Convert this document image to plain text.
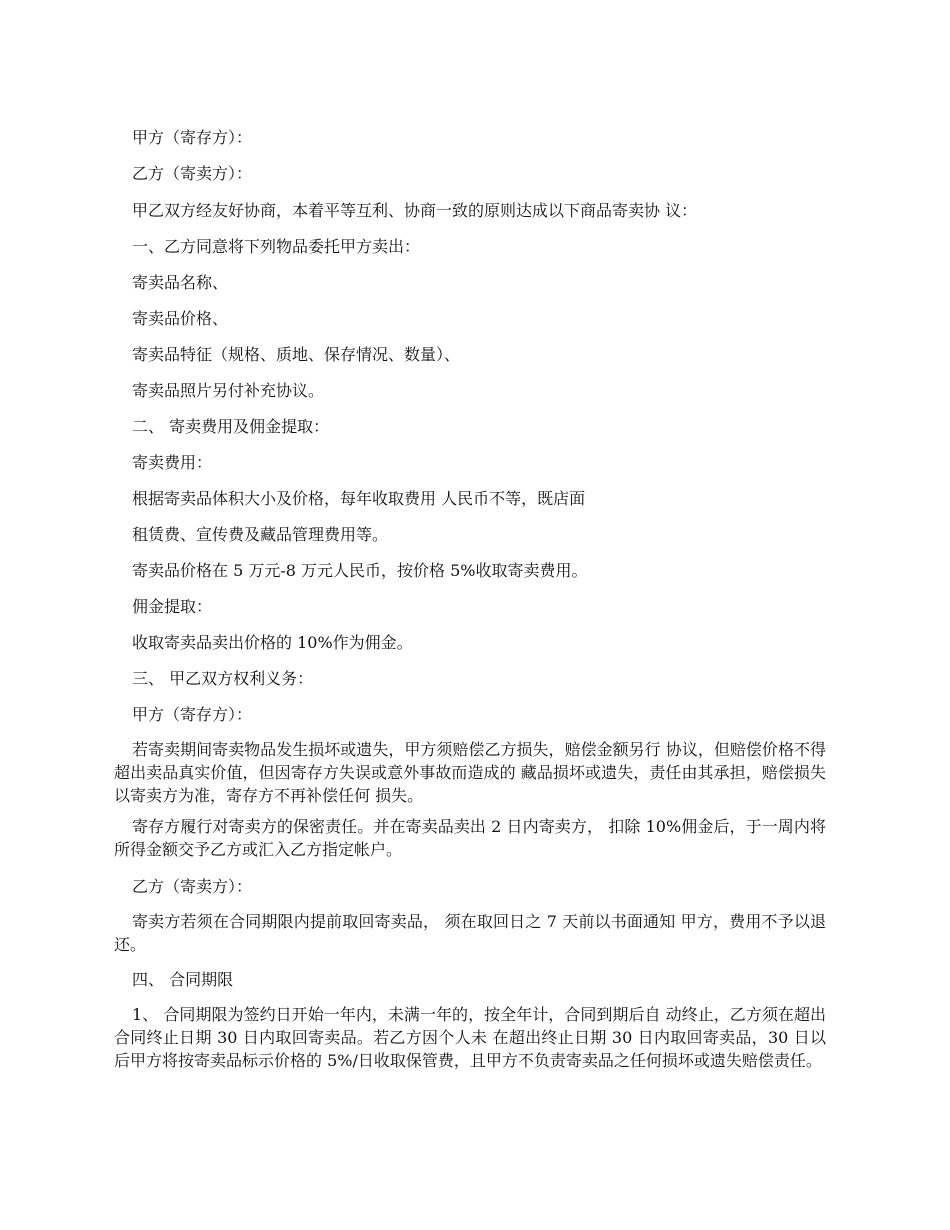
甲方（寄存方）：

乙方（寄卖方）：

甲乙双方经友好协商，本着平等互利、协商一致的原则达成以下商品寄卖协 议：

一、乙方同意将下列物品委托甲方卖出：

寄卖品名称、

寄卖品价格、

寄卖品特征（规格、质地、保存情况、数量）、

寄卖品照片另付补充协议。

二、 寄卖费用及佣金提取：

寄卖费用：

根据寄卖品体积大小及价格，每年收取费用 人民币不等，既店面

租赁费、宣传费及藏品管理费用等。

寄卖品价格在 5 万元-8 万元人民币，按价格 5%收取寄卖费用。

佣金提取：

收取寄卖品卖出价格的 10%作为佣金。

三、 甲乙双方权利义务：

甲方（寄存方）：

若寄卖期间寄卖物品发生损坏或遗失，甲方须赔偿乙方损失，赔偿金额另行 协议，但赔偿价格不得超出卖品真实价值，但因寄存方失误或意外事故而造成的 藏品损坏或遗失，责任由其承担，赔偿损失以寄卖方为准，寄存方不再补偿任何 损失。

寄存方履行对寄卖方的保密责任。并在寄卖品卖出 2 日内寄卖方， 扣除 10%佣金后，于一周内将所得金额交予乙方或汇入乙方指定帐户。

乙方（寄卖方）：

寄卖方若须在合同期限内提前取回寄卖品， 须在取回日之 7 天前以书面通知 甲方，费用不予以退还。

四、 合同期限

1、 合同期限为签约日开始一年内，未满一年的，按全年计，合同到期后自 动终止，乙方须在超出合同终止日期 30 日内取回寄卖品。若乙方因个人未 在超出终止日期 30 日内取回寄卖品，30 日以后甲方将按寄卖品标示价格的 5%/日收取保管费，且甲方不负责寄卖品之任何损坏或遗失赔偿责任。
